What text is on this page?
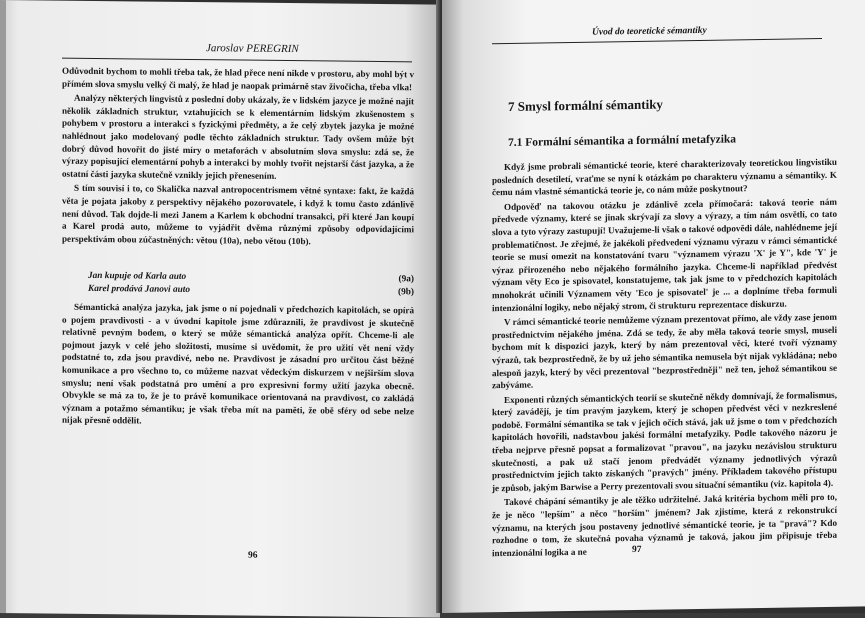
Jaroslav PEREGRIN

Odůvodnit bychom to mohli třeba tak, že hlad přece není nikde v prostoru, aby mohl být v přímém slova smyslu velký či malý, že hlad je naopak primárně stav živočicha, třeba vlka!

Analýzy některých lingvistů z poslední doby ukázaly, že v lidském jazyce je možné najít několik základních struktur, vztahujících se k elementárním lidským zkušenostem s pohybem v prostoru a interakci s fyzickými předměty, a že celý zbytek jazyka je možné nahlédnout jako modelovaný podle těchto základních struktur. Tady ovšem může být dobrý důvod hovořit do jisté míry o metaforách v absolutním slova smyslu: zdá se, že výrazy popisující elementární pohyb a interakci by mohly tvořit nejstarší část jazyka, a že ostatní části jazyka skutečně vznikly jejich přenesením.

S tím souvisí i to, co Skalička nazval antropocentrismem větné syntaxe: fakt, že každá věta je pojata jakoby z perspektivy nějakého pozorovatele, i když k tomu často zdánlivě není důvod. Tak dojde-li mezi Janem a Karlem k obchodní transakci, při které Jan koupí a Karel prodá auto, můžeme to vyjádřit dvěma různými způsoby odpovídajícími perspektivám obou zúčastněných: větou (10a), nebo větou (10b).

Jan kupuje od Karla auto	(9a)
Karel prodává Janovi auto	(9b)

Sémantická analýza jazyka, jak jsme o ní pojednali v předchozích kapitolách, se opírá o pojem pravdivosti - a v úvodní kapitole jsme zdůraznili, že pravdivost je skutečně relativně pevným bodem, o který se může sémantická analýza opřít. Chceme-li ale pojmout jazyk v celé jeho složitosti, musíme si uvědomit, že pro užití vět není vždy podstatné to, zda jsou pravdivé, nebo ne. Pravdivost je zásadní pro určitou část běžné komunikace a pro všechno to, co můžeme nazvat vědeckým diskurzem v nejširším slova smyslu; není však podstatná pro umění a pro expresivní formy užití jazyka obecně. Obvykle se má za to, že je to právě komunikace orientovaná na pravdivost, co zakládá význam a potažmo sémantiku; je však třeba mít na paměti, že obě sféry od sebe nelze nijak přesně oddělit.

96
Úvod do teoretické sémantiky
7 Smysl formální sémantiky
7.1 Formální sémantika a formální metafyzika

Když jsme probrali sémantické teorie, které charakterizovaly teoretickou lingvistiku posledních desetiletí, vraťme se nyní k otázkám po charakteru významu a sémantiky. K čemu nám vlastně sémantická teorie je, co nám může poskytnout?

Odpověď na takovou otázku je zdánlivě zcela přímočará: taková teorie nám předvede významy, které se jinak skrývají za slovy a výrazy, a tím nám osvětlí, co tato slova a tyto výrazy zastupují! Uvažujeme-li však o takové odpovědi dále, nahlédneme její problematičnost. Je zřejmé, že jakékoli předvedení významu výrazu v rámci sémantické teorie se musí omezit na konstatování tvaru "významem výrazu 'X' je Y", kde 'Y' je výraz přirozeného nebo nějakého formálního jazyka. Chceme-li například předvést význam věty Eco je spisovatel, konstatujeme, tak jak jsme to v předchozích kapitolách mnohokrát učinili Významem věty 'Eco je spisovatel' je ... a doplníme třeba formuli intenzionální logiky, nebo nějaký strom, či strukturu reprezentace diskurzu.

V rámci sémantické teorie nemůžeme význam prezentovat přímo, ale vždy zase jenom prostřednictvím nějakého jména. Zdá se tedy, že aby měla taková teorie smysl, museli bychom mít k dispozici jazyk, který by nám prezentoval věci, které tvoří významy výrazů, tak bezprostředně, že by už jeho sémantika nemusela být nijak vykládána; nebo alespoň jazyk, který by věci prezentoval "bezprostředněji" než ten, jehož sémantikou se zabýváme.

Exponenti různých sémantických teorií se skutečně někdy domnívají, že formalismus, který zavádějí, je tím pravým jazykem, který je schopen předvést věci v nezkreslené podobě. Formální sémantika se tak v jejich očích stává, jak už jsme o tom v předchozích kapitolách hovořili, nadstavbou jakési formální metafyziky. Podle takového názoru je třeba nejprve přesně popsat a formalizovat "pravou", na jazyku nezávislou strukturu skutečnosti, a pak už stačí jenom předvádět významy jednotlivých výrazů prostřednictvím jejich takto získaných "pravých" jmény. Příkladem takového přístupu je způsob, jakým Barwise a Perry prezentovali svou situační sémantiku (viz. kapitola 4).

Takové chápání sémantiky je ale těžko udržitelné. Jaká kritéria bychom měli pro to, že je něco "lepším" a něco "horším" jménem? Jak zjistíme, která z rekonstrukcí významu, na kterých jsou postaveny jednotlivé sémantické teorie, je ta "pravá"? Kdo rozhodne o tom, že skutečná povaha významů je taková, jakou jim připisuje třeba intenzionální logika a ne	97
